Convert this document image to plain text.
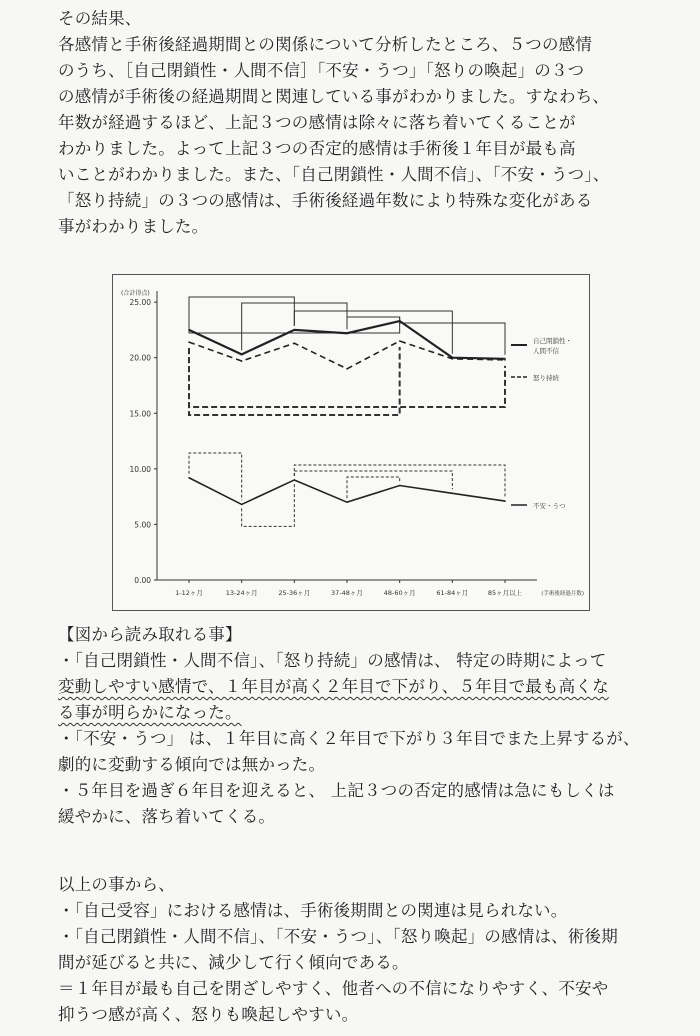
その結果、
各感情と手術後経過期間との関係について分析したところ、５つの感情
のうち、［自己閉鎖性・人間不信］「不安・うつ」「怒りの喚起」の３つ
の感情が手術後の経過期間と関連している事がわかりました。すなわち、
年数が経過するほど、上記３つの感情は除々に落ち着いてくることが
わかりました。よって上記３つの否定的感情は手術後１年目が最も高
いことがわかりました。また、「自己閉鎖性・人間不信」、「不安・うつ」、
「怒り持続」の３つの感情は、手術後経過年数により特殊な変化がある
事がわかりました。
(合計得点)
25.00
20.00
15.00
10.00
5.00
0.00
1-12ヶ月	13-24ヶ月	25-36ヶ月	37-48ヶ月	48-60ヶ月	61-84ヶ月	85ヶ月以上	(手術後経過月数)
自己閉鎖性・
人間不信
怒り持続
不安・うつ
【図から読み取れる事】
・「自己閉鎖性・人間不信」、「怒り持続」の感情は、 特定の時期によって
変動しやすい感情で、１年目が高く２年目で下がり、５年目で最も高くな
る事が明らかになった。
・「不安・うつ」 は、１年目に高く２年目で下がり３年目でまた上昇するが、
劇的に変動する傾向では無かった。
・５年目を過ぎ６年目を迎えると、 上記３つの否定的感情は急にもしくは
緩やかに、落ち着いてくる。
以上の事から、
・「自己受容」における感情は、手術後期間との関連は見られない。
・「自己閉鎖性・人間不信」、「不安・うつ」、「怒り喚起」の感情は、術後期
間が延びると共に、減少して行く傾向である。
＝１年目が最も自己を閉ざしやすく、他者への不信になりやすく、不安や
抑うつ感が高く、怒りも喚起しやすい。
